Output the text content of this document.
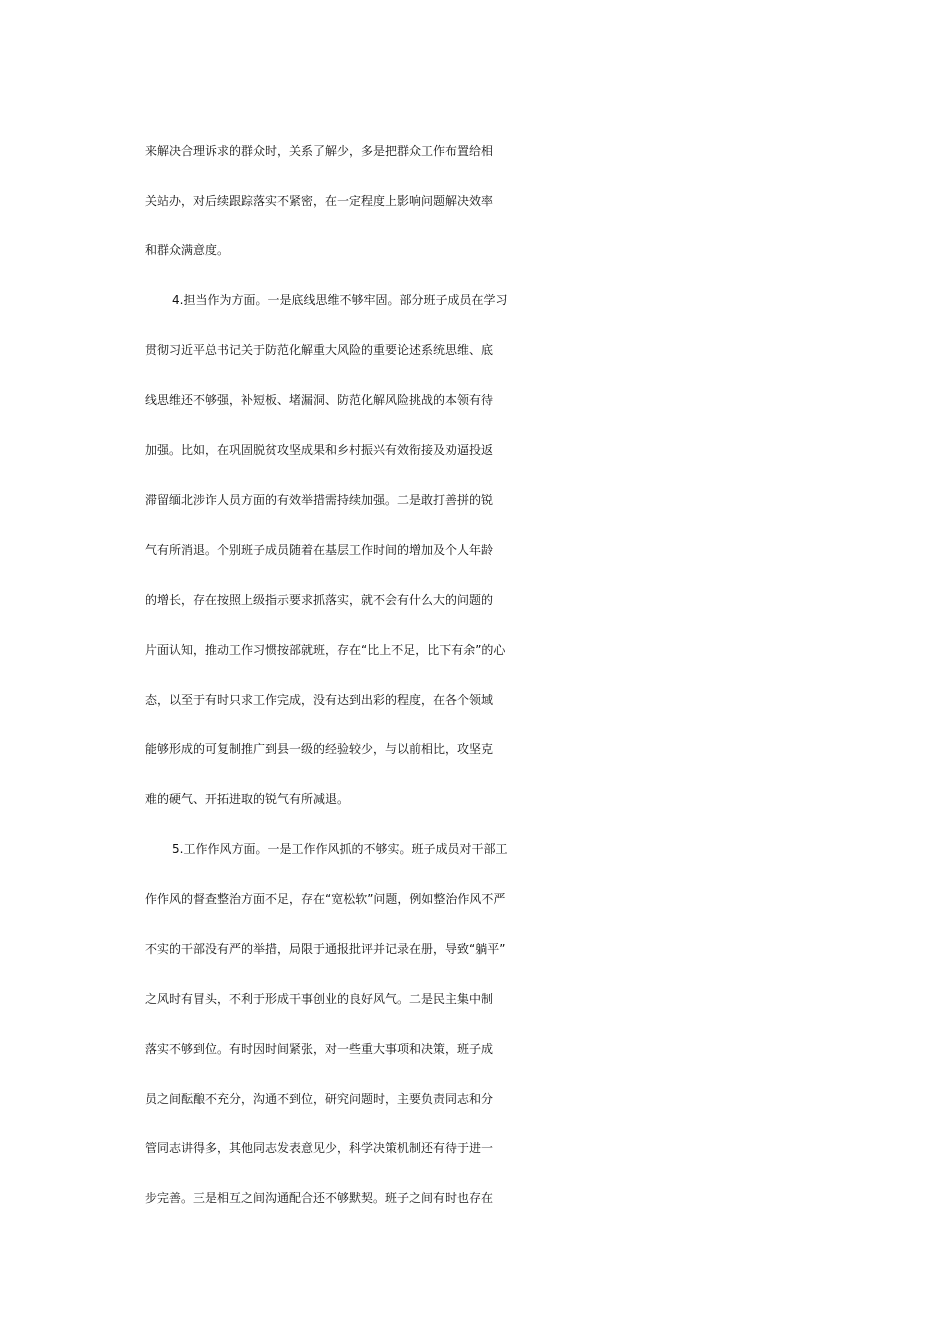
来解决合理诉求的群众时，关系了解少，多是把群众工作布置给相
关站办，对后续跟踪落实不紧密，在一定程度上影响问题解决效率
和群众满意度。
4.担当作为方面。一是底线思维不够牢固。部分班子成员在学习
贯彻习近平总书记关于防范化解重大风险的重要论述系统思维、底
线思维还不够强，补短板、堵漏洞、防范化解风险挑战的本领有待
加强。比如，在巩固脱贫攻坚成果和乡村振兴有效衔接及劝逼投返
滞留缅北涉诈人员方面的有效举措需持续加强。二是敢打善拼的锐
气有所消退。个别班子成员随着在基层工作时间的增加及个人年龄
的增长，存在按照上级指示要求抓落实，就不会有什么大的问题的
片面认知，推动工作习惯按部就班，存在“比上不足，比下有余”的心
态，以至于有时只求工作完成，没有达到出彩的程度，在各个领域
能够形成的可复制推广到县一级的经验较少，与以前相比，攻坚克
难的硬气、开拓进取的锐气有所减退。
5.工作作风方面。一是工作作风抓的不够实。班子成员对干部工
作作风的督查整治方面不足，存在“宽松软”问题，例如整治作风不严
不实的干部没有严的举措，局限于通报批评并记录在册，导致“躺平”
之风时有冒头，不利于形成干事创业的良好风气。二是民主集中制
落实不够到位。有时因时间紧张，对一些重大事项和决策，班子成
员之间酝酿不充分，沟通不到位，研究问题时，主要负责同志和分
管同志讲得多，其他同志发表意见少，科学决策机制还有待于进一
步完善。三是相互之间沟通配合还不够默契。班子之间有时也存在
